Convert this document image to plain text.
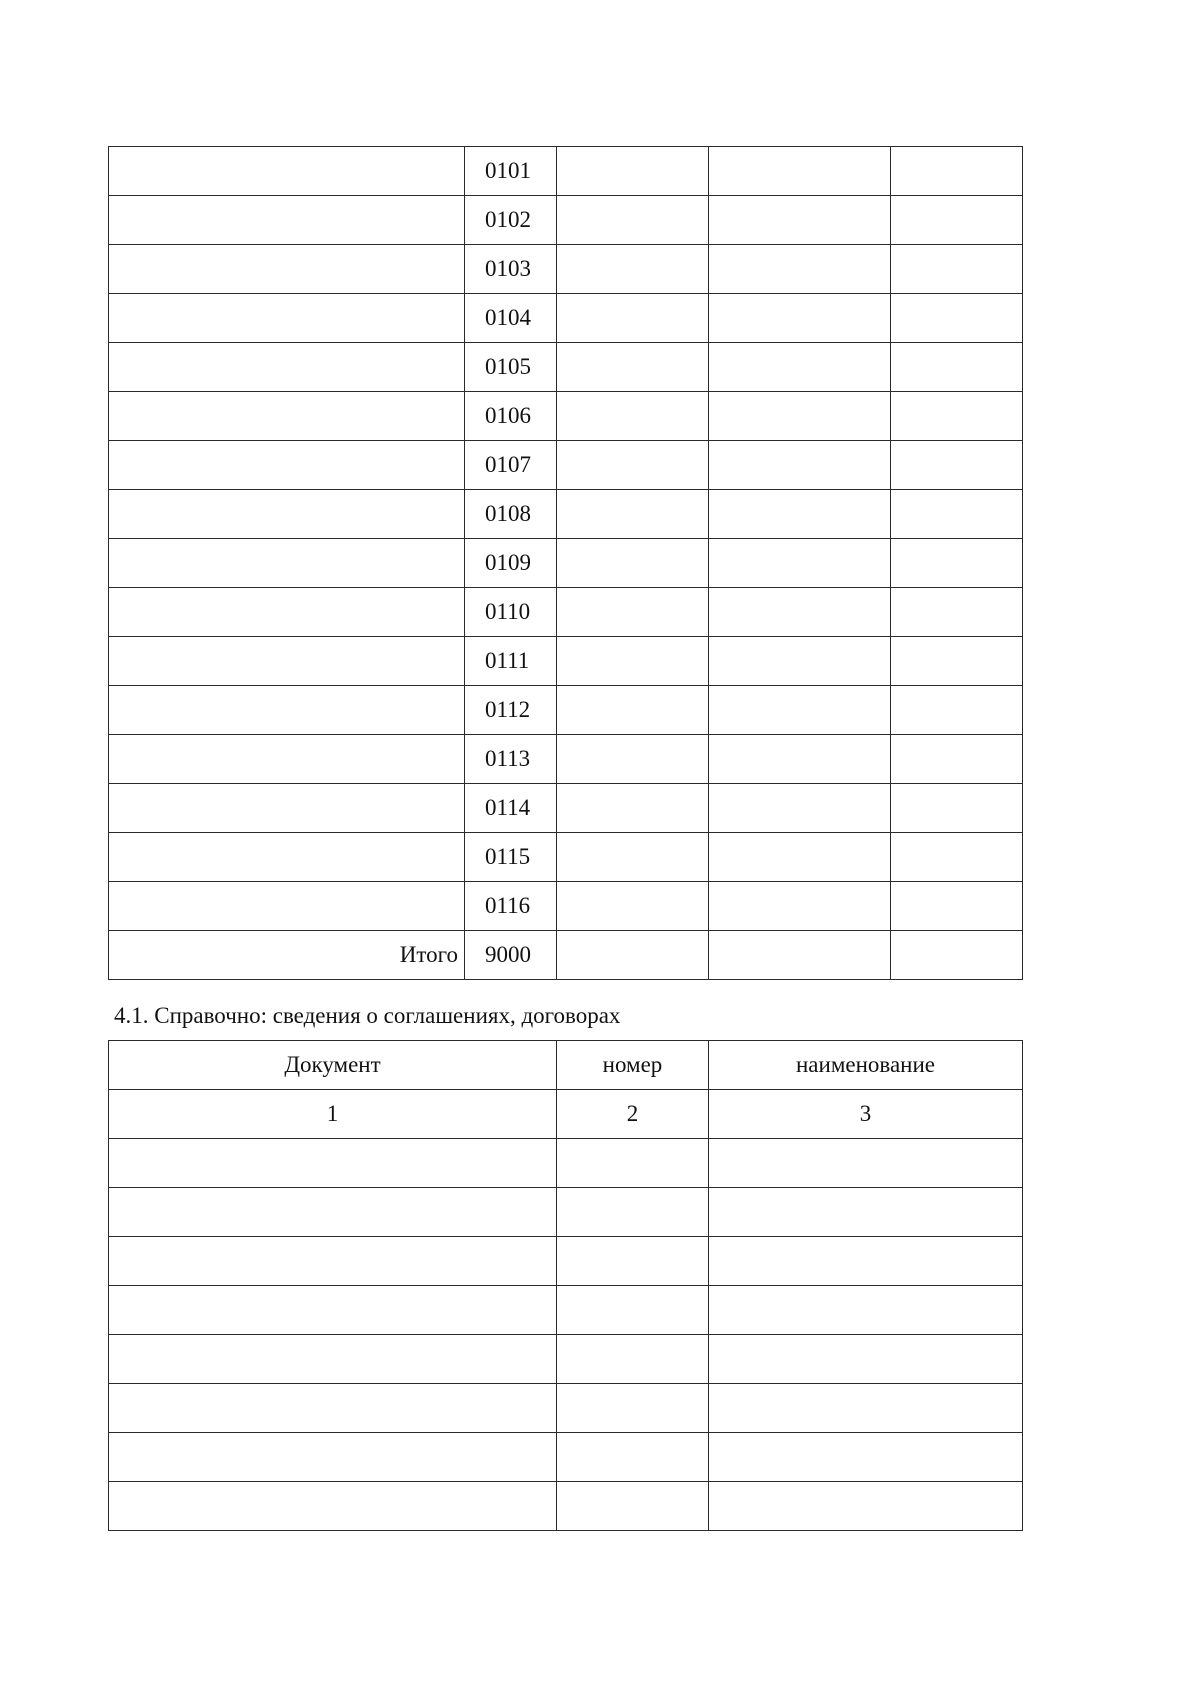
	0101			
	0102			
	0103			
	0104			
	0105			
	0106			
	0107			
	0108			
	0109			
	0110			
	0111			
	0112			
	0113			
	0114			
	0115			
	0116			
Итого	9000			
4.1. Справочно: сведения о соглашениях, договорах
Документ	номер	наименование
1	2	3
